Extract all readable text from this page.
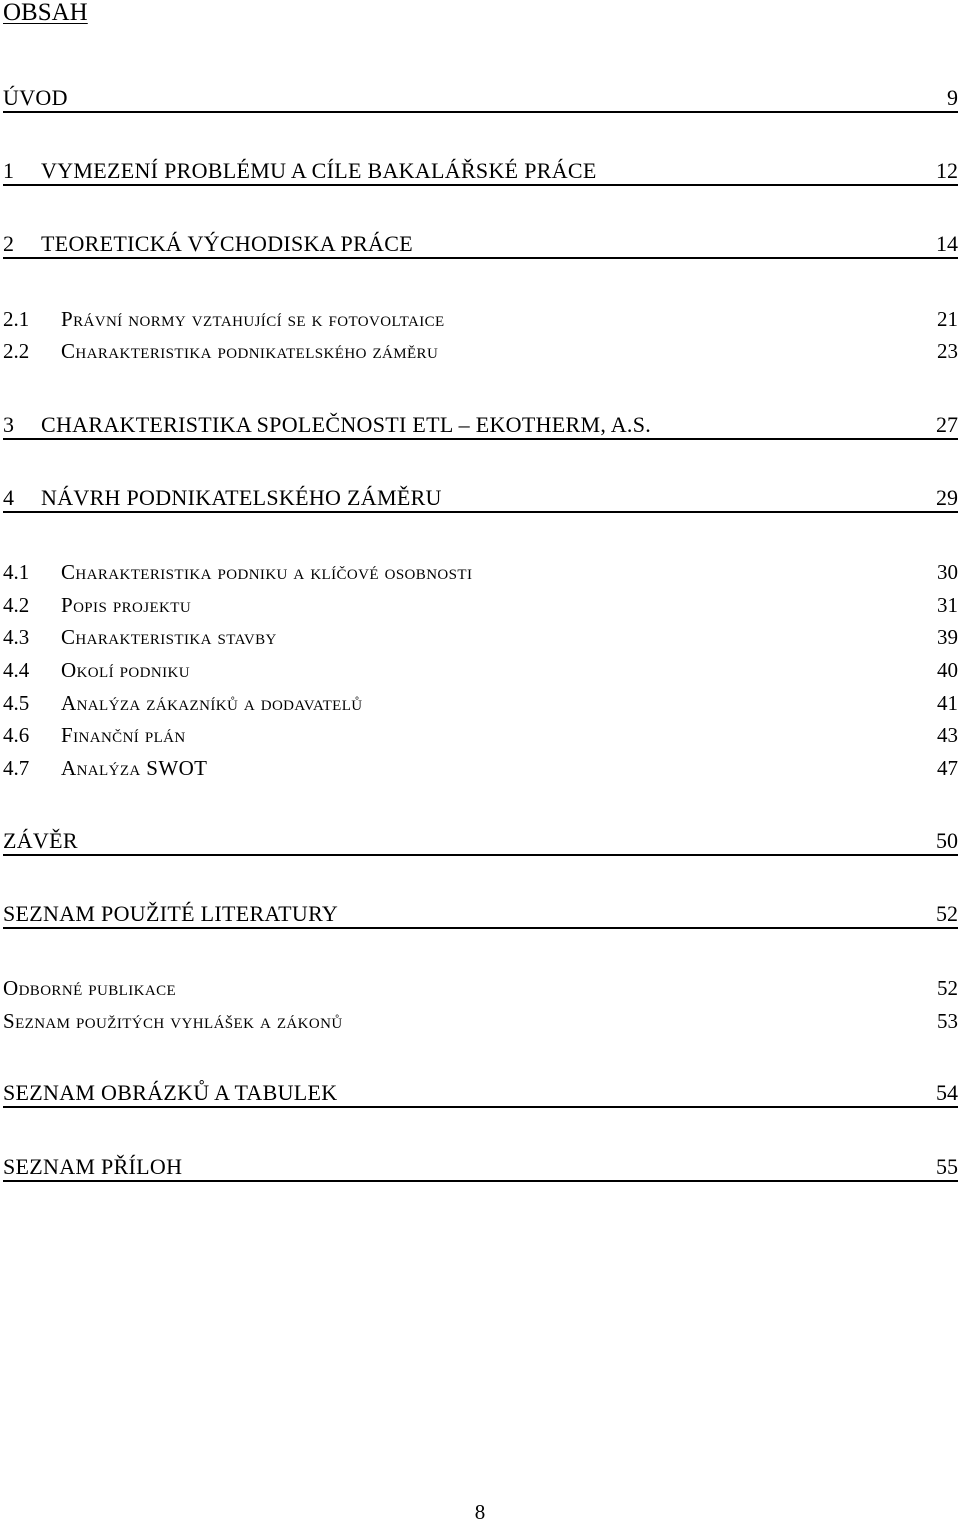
OBSAH
ÚVOD	9
1	VYMEZENÍ PROBLÉMU A CÍLE BAKALÁŘSKÉ PRÁCE	12
2	TEORETICKÁ VÝCHODISKA PRÁCE	14
2.1	Právní normy vztahující se k fotovoltaice	21
2.2	Charakteristika podnikatelského záměru	23
3	CHARAKTERISTIKA SPOLEČNOSTI ETL – EKOTHERM, A.S.	27
4	NÁVRH PODNIKATELSKÉHO ZÁMĚRU	29
4.1	Charakteristika podniku a klíčové osobnosti	30
4.2	Popis projektu	31
4.3	Charakteristika stavby	39
4.4	Okolí podniku	40
4.5	Analýza zákazníků a dodavatelů	41
4.6	Finanční plán	43
4.7	Analýza SWOT	47
ZÁVĚR	50
SEZNAM POUŽITÉ LITERATURY	52
Odborné publikace	52
Seznam použitých vyhlášek a zákonů	53
SEZNAM OBRÁZKŮ A TABULEK	54
SEZNAM PŘÍLOH	55
8
